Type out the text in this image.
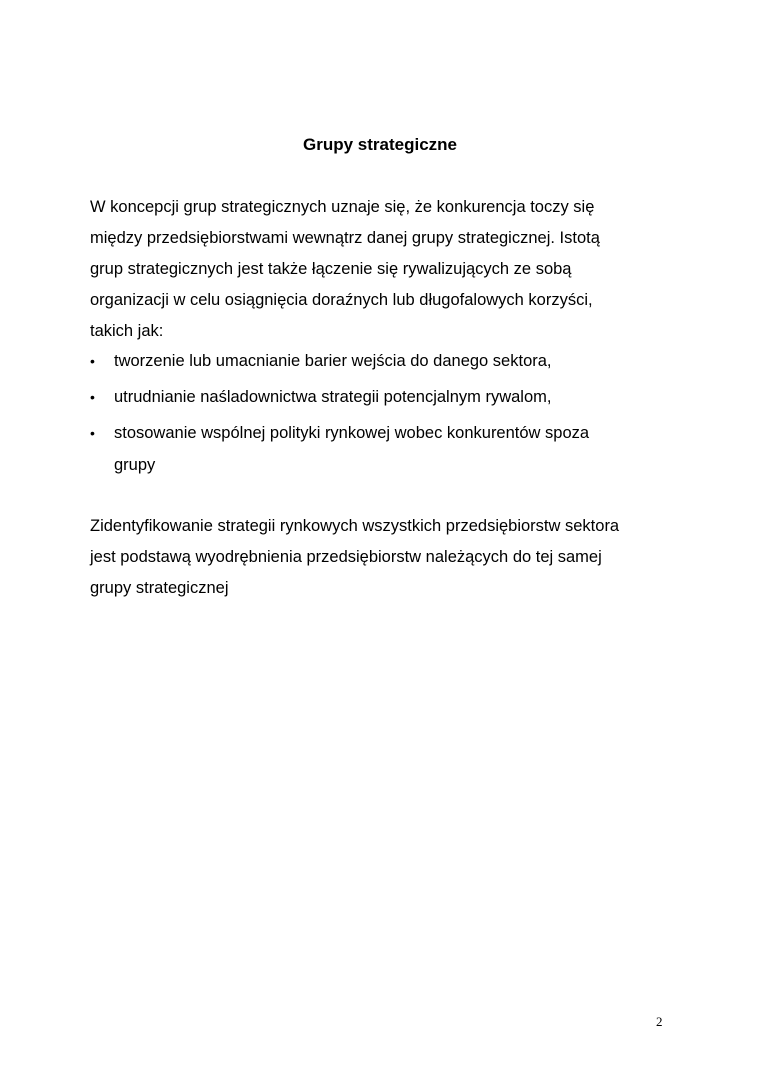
Grupy strategiczne
W koncepcji grup strategicznych uznaje się, że konkurencja toczy się
między przedsiębiorstwami wewnątrz danej grupy strategicznej. Istotą
grup strategicznych jest także łączenie się rywalizujących ze sobą
organizacji w celu osiągnięcia doraźnych lub długofalowych korzyści,
takich jak:
•	tworzenie lub umacnianie barier wejścia do danego sektora,
•	utrudnianie naśladownictwa strategii potencjalnym rywalom,
•	stosowanie wspólnej polityki rynkowej wobec konkurentów spoza
grupy
Zidentyfikowanie strategii rynkowych wszystkich przedsiębiorstw sektora
jest podstawą wyodrębnienia przedsiębiorstw należących do tej samej
grupy strategicznej
2
